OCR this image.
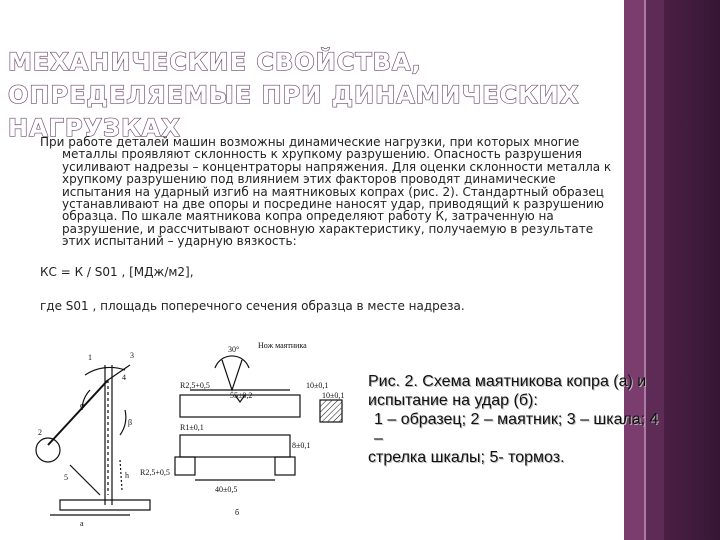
МЕХАНИЧЕСКИЕ СВОЙСТВА, ОПРЕДЕЛЯЕМЫЕ ПРИ ДИНАМИЧЕСКИХ НАГРУЗКАХ
При работе деталей машин возможны динамические нагрузки, при которых многие
металлы проявляют склонность к хрупкому разрушению. Опасность разрушения усиливают надрезы – концентраторы напряжения. Для оценки склонности металла к хрупкому разрушению под влиянием этих факторов проводят динамические испытания на ударный изгиб на маятниковых копрах (рис. 2). Стандартный образец устанавливают на две опоры и посредине наносят удар, приводящий к разрушению образца. По шкале маятникова копра определяют работу К, затраченную на разрушение, и рассчитывают основную характеристику, получаемую в результате этих испытаний – ударную вязкость:
КС = К / S01 , [МДж/м2],
где S01 , площадь поперечного сечения образца в месте надреза.
30° Нож маятника
R2,5+0,5
55±0,2
10±0,1
10±0,1
R1±0,1
8±0,1
40±0,5
R2,5+0,5
а
б
α
β
1
2
3
4
5	h
Рис. 2. Схема маятникова копра (а) и
испытание на удар (б):
1 – образец; 2 – маятник; 3 – шкала; 4 –
стрелка шкалы; 5- тормоз.
